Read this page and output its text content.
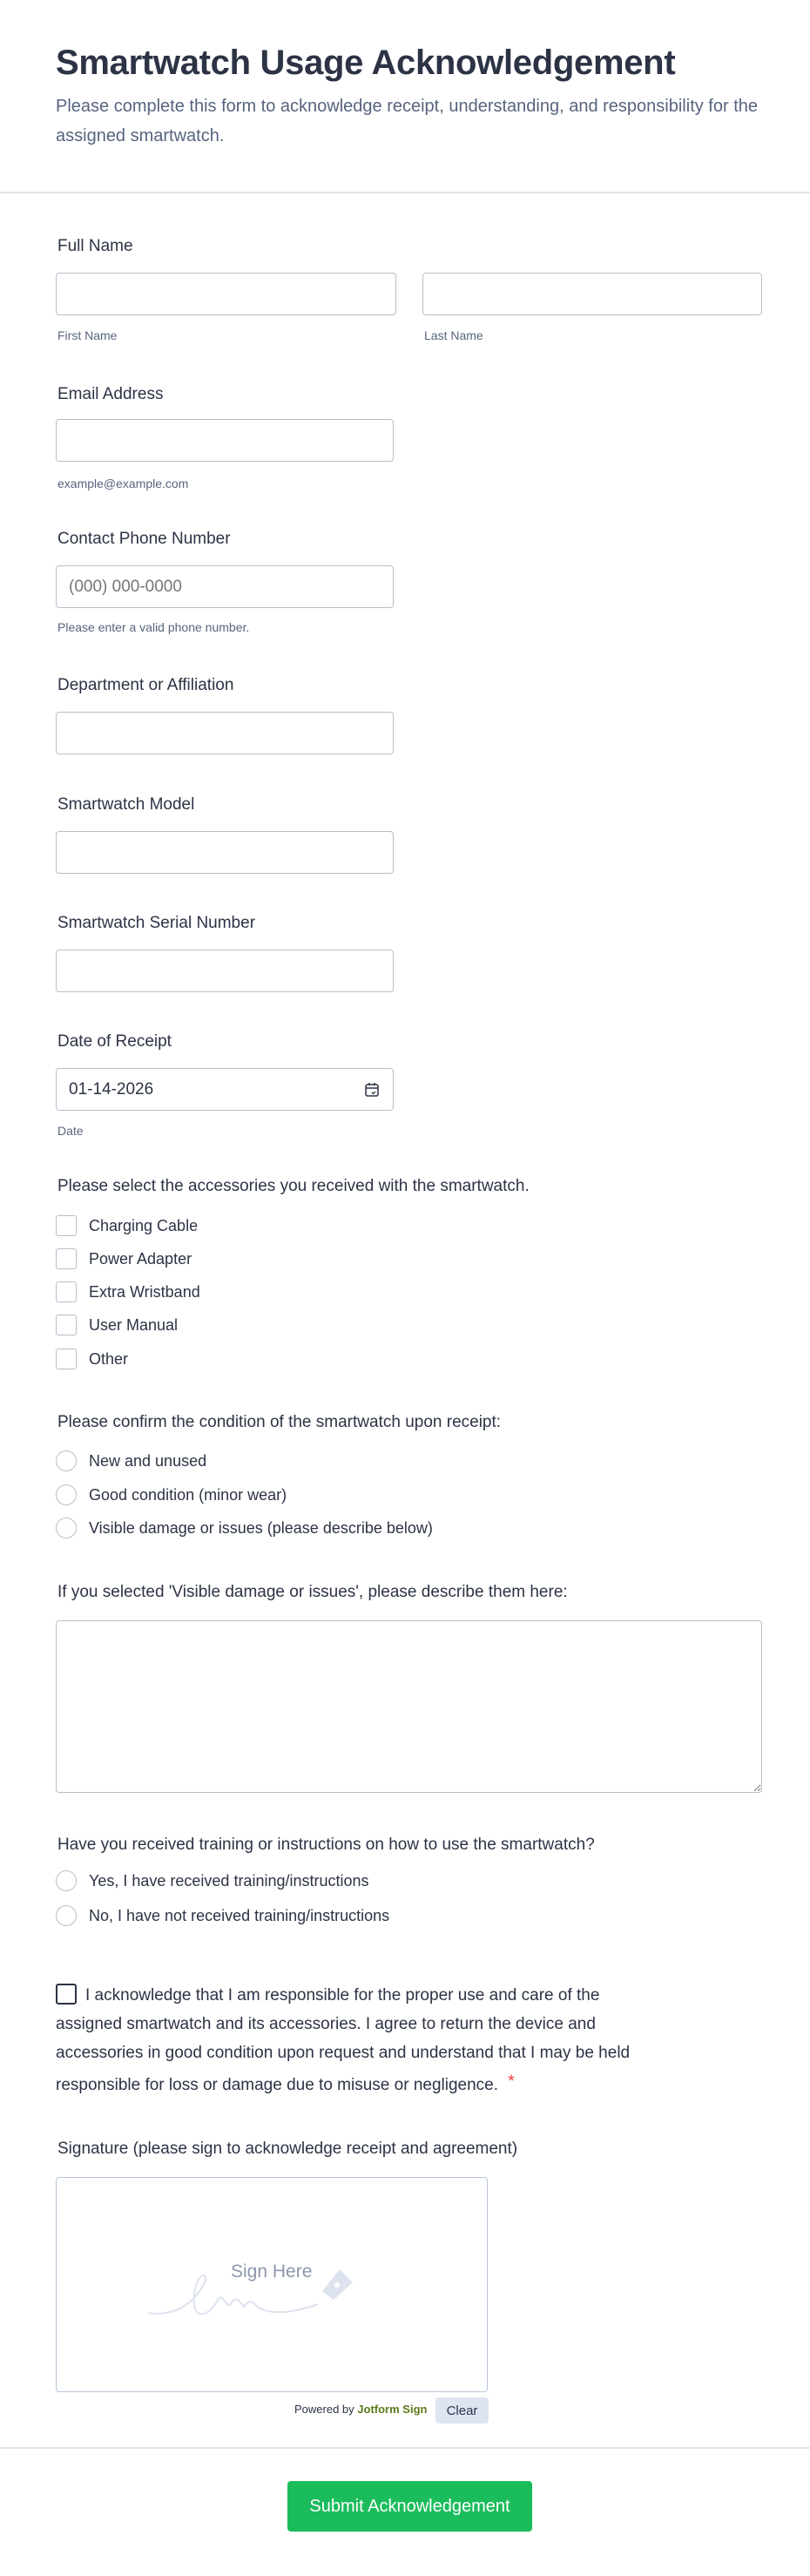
Smartwatch Usage Acknowledgement
Please complete this form to acknowledge receipt, understanding, and responsibility for the assigned smartwatch.
Full Name
First Name	Last Name
Email Address
example@example.com
Contact Phone Number
(000) 000-0000
Please enter a valid phone number.
Department or Affiliation
Smartwatch Model
Smartwatch Serial Number
Date of Receipt
01-14-2026
Date
Please select the accessories you received with the smartwatch.
Charging Cable
Power Adapter
Extra Wristband
User Manual
Other
Please confirm the condition of the smartwatch upon receipt:
New and unused
Good condition (minor wear)
Visible damage or issues (please describe below)
If you selected 'Visible damage or issues', please describe them here:
Have you received training or instructions on how to use the smartwatch?
Yes, I have received training/instructions
No, I have not received training/instructions
I acknowledge that I am responsible for the proper use and care of the assigned smartwatch and its accessories. I agree to return the device and accessories in good condition upon request and understand that I may be held responsible for loss or damage due to misuse or negligence. *
Signature (please sign to acknowledge receipt and agreement)
Sign Here
Powered by Jotform Sign	Clear
Submit Acknowledgement
